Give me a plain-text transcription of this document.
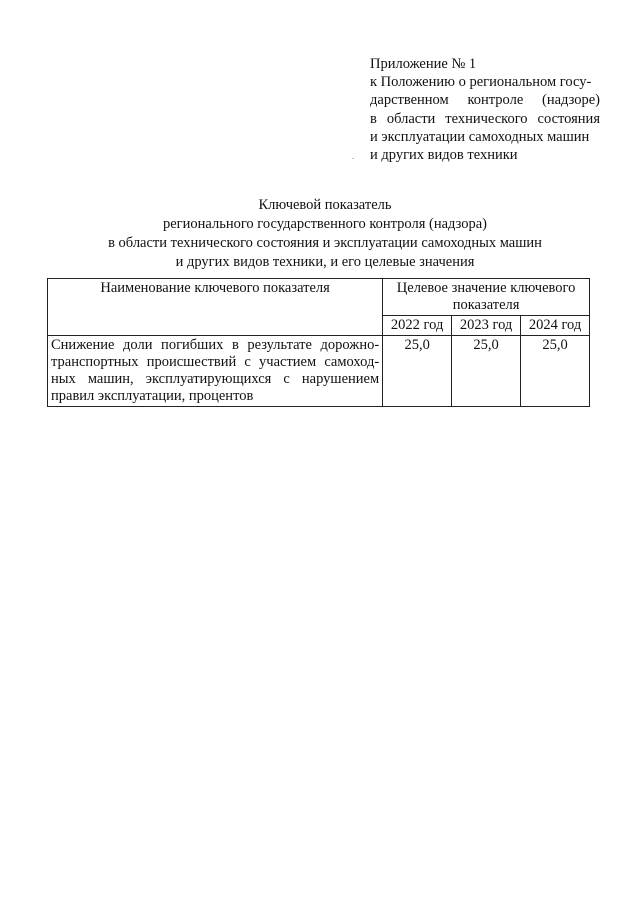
Приложение № 1
к Положению о региональном госу-
дарственном контроле (надзоре)
в области технического состояния
и эксплуатации самоходных машин
и других видов техники
.
Ключевой показатель
регионального государственного контроля (надзора)
в области технического состояния и эксплуатации самоходных машин
и других видов техники, и его целевые значения
Наименование ключевого показателя	Целевое значение ключевого показателя		
	2022 год	2023 год	2024 год

Снижение доли погибших в результате дорожно-
транспортных происшествий с участием самоход-
ных машин, эксплуатирующихся с нарушением
правил эксплуатации, процентов	25,0	25,0	25,0
